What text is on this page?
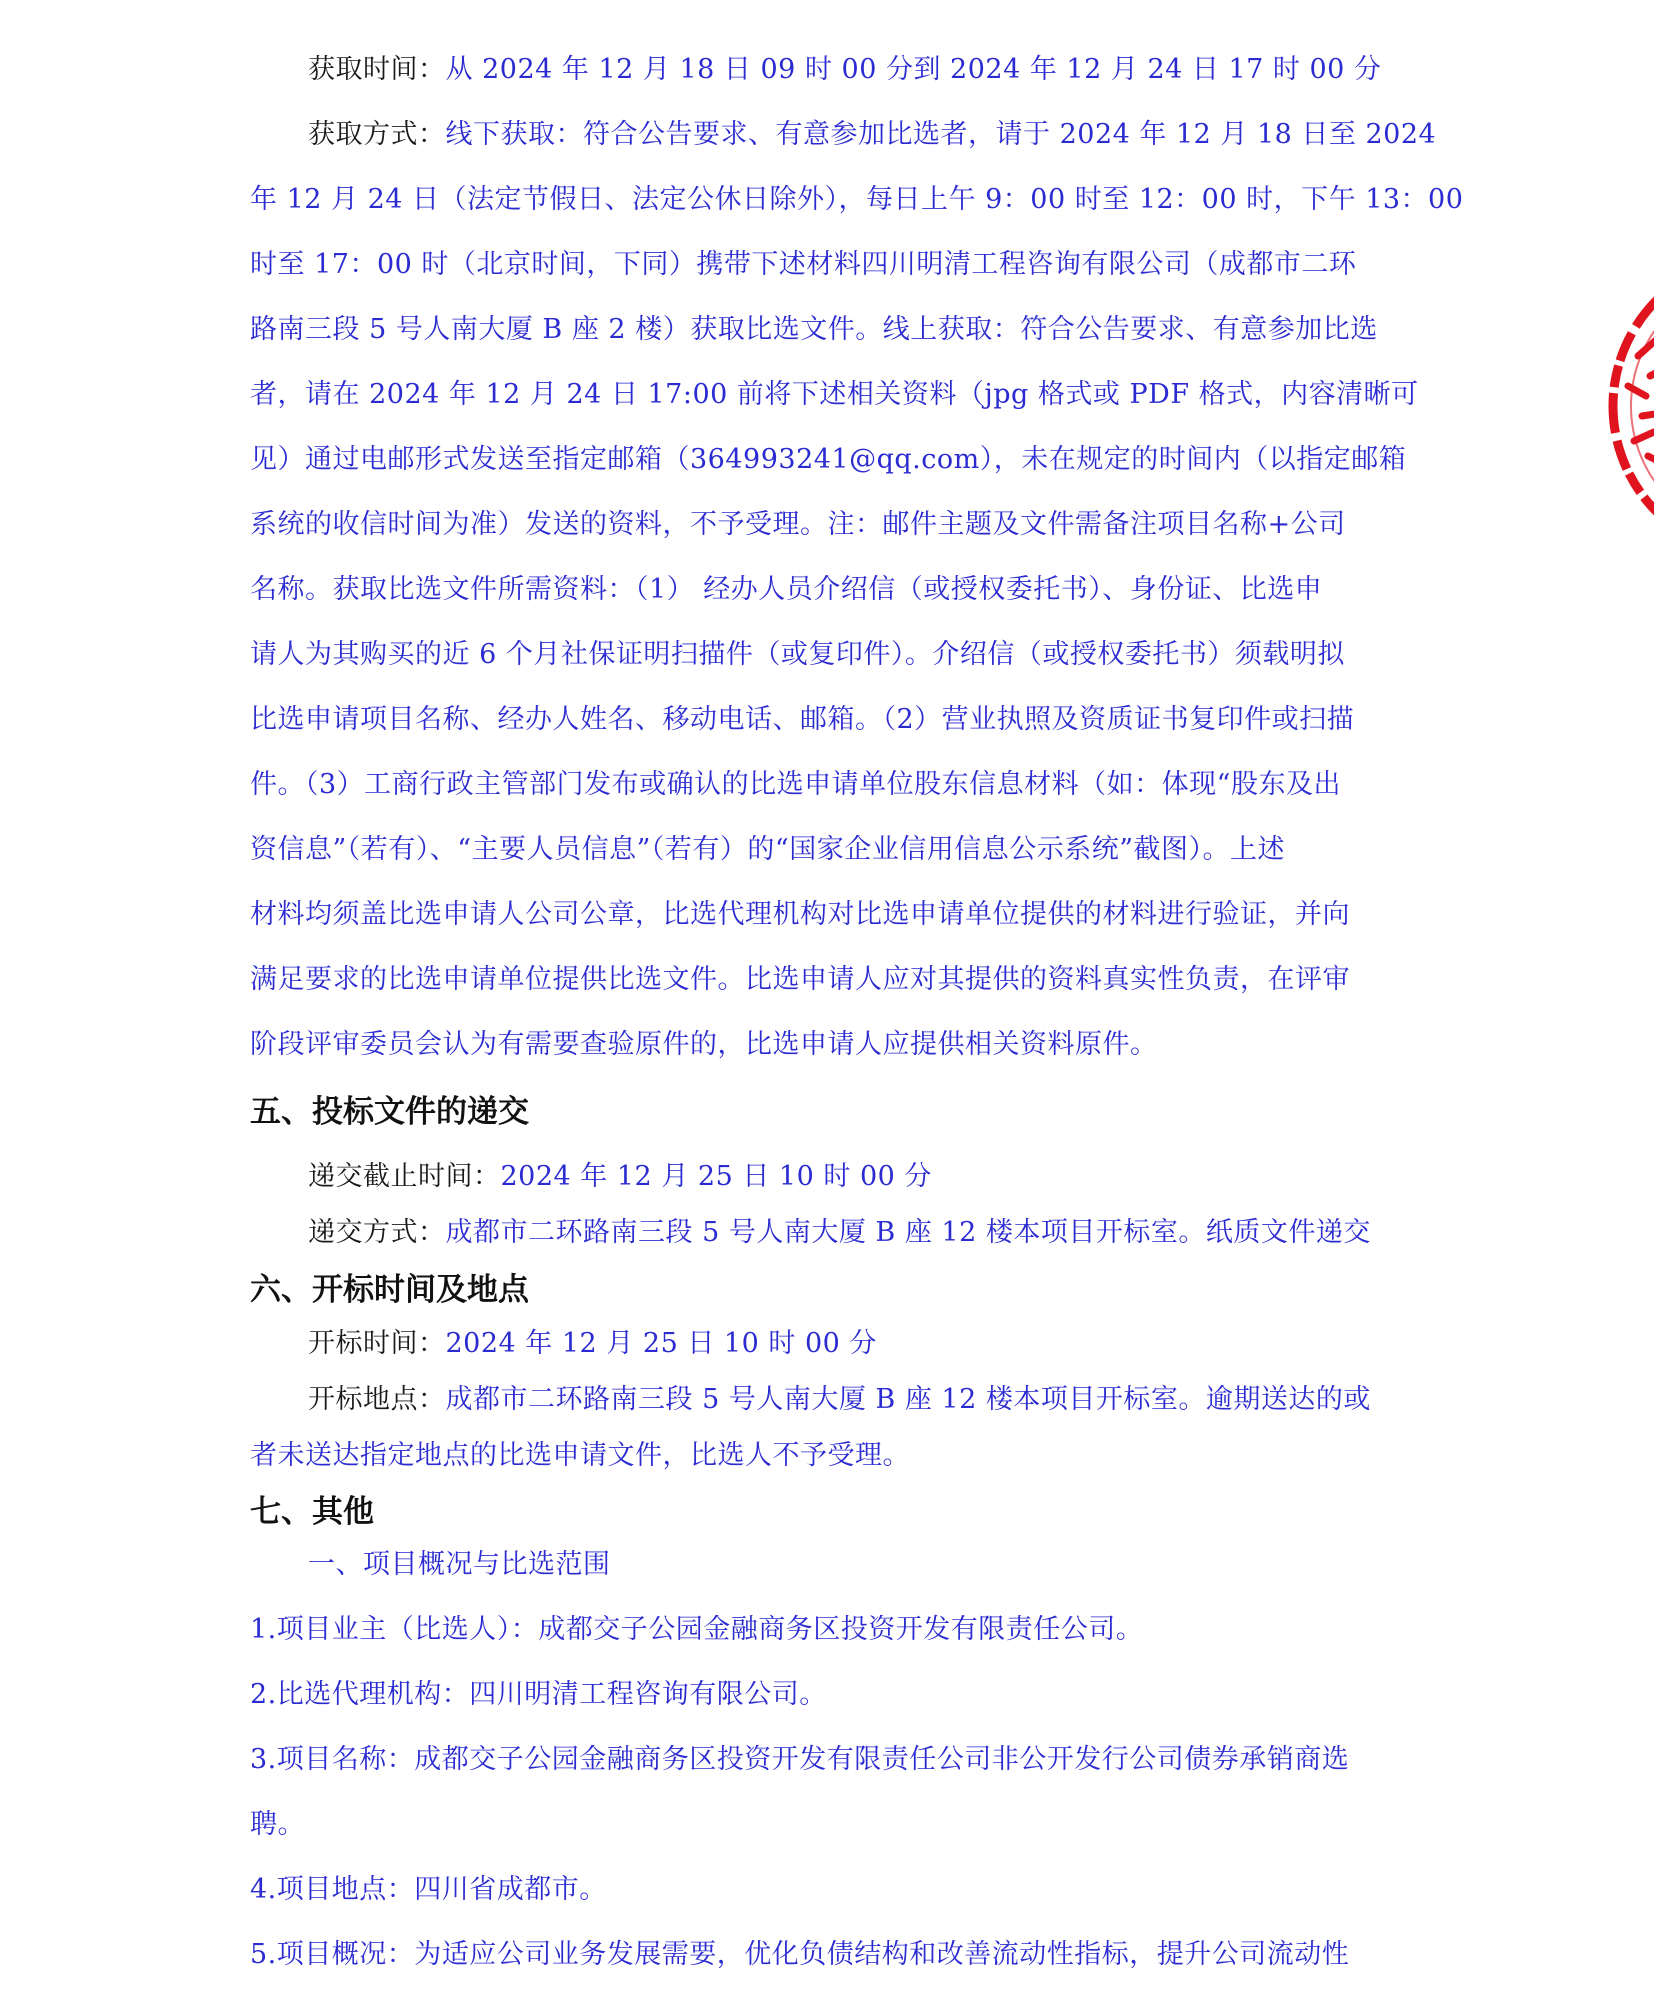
获取时间：从 2024 年 12 月 18 日 09 时 00 分到 2024 年 12 月 24 日 17 时 00 分
获取方式：线下获取：符合公告要求、有意参加比选者，请于 2024 年 12 月 18 日至 2024
年 12 月 24 日（法定节假日、法定公休日除外），每日上午 9：00 时至 12：00 时，下午 13：00
时至 17：00 时（北京时间，下同）携带下述材料四川明清工程咨询有限公司（成都市二环
路南三段 5 号人南大厦 B 座 2 楼）获取比选文件。线上获取：符合公告要求、有意参加比选
者，请在 2024 年 12 月 24 日 17:00 前将下述相关资料（jpg 格式或 PDF 格式，内容清晰可
见）通过电邮形式发送至指定邮箱（364993241@qq.com），未在规定的时间内（以指定邮箱
系统的收信时间为准）发送的资料，不予受理。注：邮件主题及文件需备注项目名称+公司
名称。获取比选文件所需资料：（1） 经办人员介绍信（或授权委托书）、身份证、比选申
请人为其购买的近 6 个月社保证明扫描件（或复印件）。介绍信（或授权委托书）须载明拟
比选申请项目名称、经办人姓名、移动电话、邮箱。（2）营业执照及资质证书复印件或扫描
件。（3）工商行政主管部门发布或确认的比选申请单位股东信息材料（如：体现“股东及出
资信息”（若有）、“主要人员信息”（若有）的“国家企业信用信息公示系统”截图）。上述
材料均须盖比选申请人公司公章，比选代理机构对比选申请单位提供的材料进行验证，并向
满足要求的比选申请单位提供比选文件。比选申请人应对其提供的资料真实性负责，在评审
阶段评审委员会认为有需要查验原件的，比选申请人应提供相关资料原件。
五、投标文件的递交
递交截止时间：2024 年 12 月 25 日 10 时 00 分
递交方式：成都市二环路南三段 5 号人南大厦 B 座 12 楼本项目开标室。纸质文件递交
六、开标时间及地点
开标时间：2024 年 12 月 25 日 10 时 00 分
开标地点：成都市二环路南三段 5 号人南大厦 B 座 12 楼本项目开标室。逾期送达的或
者未送达指定地点的比选申请文件，比选人不予受理。
七、其他
一、项目概况与比选范围
1.项目业主（比选人）：成都交子公园金融商务区投资开发有限责任公司。
2.比选代理机构：四川明清工程咨询有限公司。
3.项目名称：成都交子公园金融商务区投资开发有限责任公司非公开发行公司债券承销商选
聘。
4.项目地点：四川省成都市。
5.项目概况：为适应公司业务发展需要，优化负债结构和改善流动性指标，提升公司流动性
